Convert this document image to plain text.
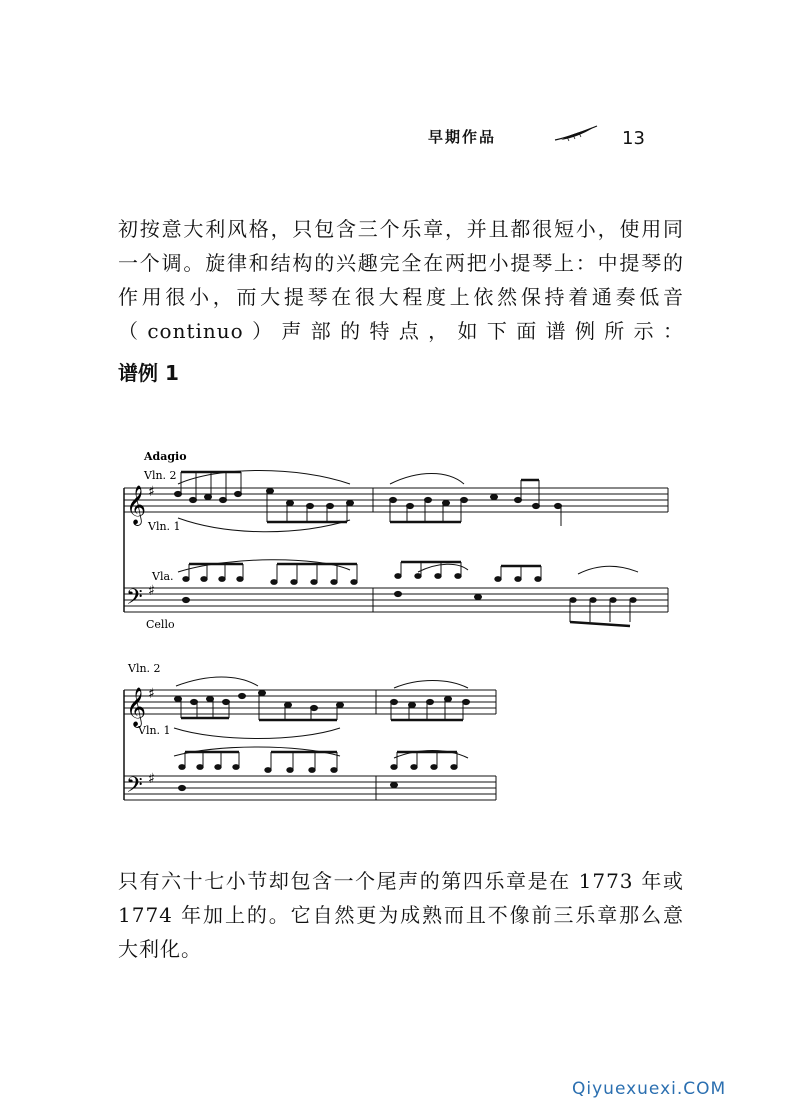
早期作品	13

初按意大利风格，只包含三个乐章，并且都很短小，使用同一个调。旋律和结构的兴趣完全在两把小提琴上：中提琴的作用很小，而大提琴在很大程度上依然保持着通奏低音（continuo）声部的特点，如下面谱例所示：

谱例 1
Adagio
Vln. 2
Vln. 1
Vla.
Cello
𝄞
𝄢
♯
♯
Vln. 2
Vln. 1
𝄞
𝄢
♯
♯

只有六十七小节却包含一个尾声的第四乐章是在 1773 年或 1774 年加上的。它自然更为成熟而且不像前三乐章那么意大利化。

Qiyuexuexi.COM
